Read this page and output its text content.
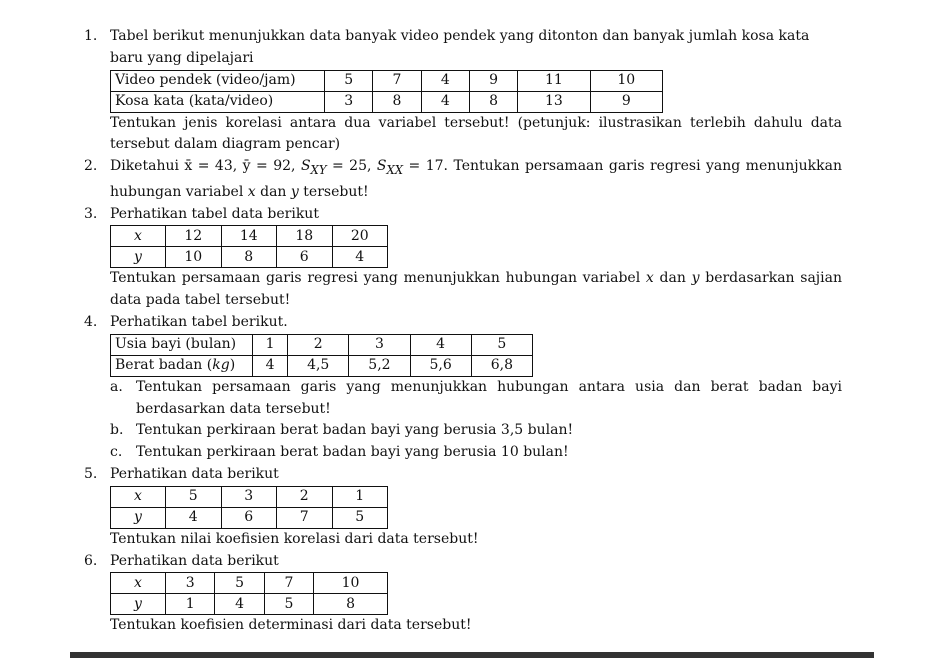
1. Tabel berikut menunjukkan data banyak video pendek yang ditonton dan banyak jumlah kosa kata baru yang dipelajari
Video pendek (video/jam)	5	7	4	9	11	10
Kosa kata (kata/video)	3	8	4	8	13	9
Tentukan jenis korelasi antara dua variabel tersebut! (petunjuk: ilustrasikan terlebih dahulu data tersebut dalam diagram pencar)
2. Diketahui x̄ = 43, ȳ = 92, $S_{XY} = 25$, $S_{XX} = 17$. Tentukan persamaan garis regresi yang menunjukkan hubungan variabel x dan y tersebut!
3. Perhatikan tabel data berikut
x	12	14	18	20
y	10	8	6	4
Tentukan persamaan garis regresi yang menunjukkan hubungan variabel x dan y berdasarkan sajian data pada tabel tersebut!
4. Perhatikan tabel berikut.
Usia bayi (bulan)	1	2	3	4	5
Berat badan (kg)	4	4,5	5,2	5,6	6,8
a. Tentukan persamaan garis yang menunjukkan hubungan antara usia dan berat badan bayi berdasarkan data tersebut!
b. Tentukan perkiraan berat badan bayi yang berusia 3,5 bulan!
c. Tentukan perkiraan berat badan bayi yang berusia 10 bulan!
5. Perhatikan data berikut
x	5	3	2	1
y	4	6	7	5
Tentukan nilai koefisien korelasi dari data tersebut!
6. Perhatikan data berikut
x	3	5	7	10
y	1	4	5	8
Tentukan koefisien determinasi dari data tersebut!
